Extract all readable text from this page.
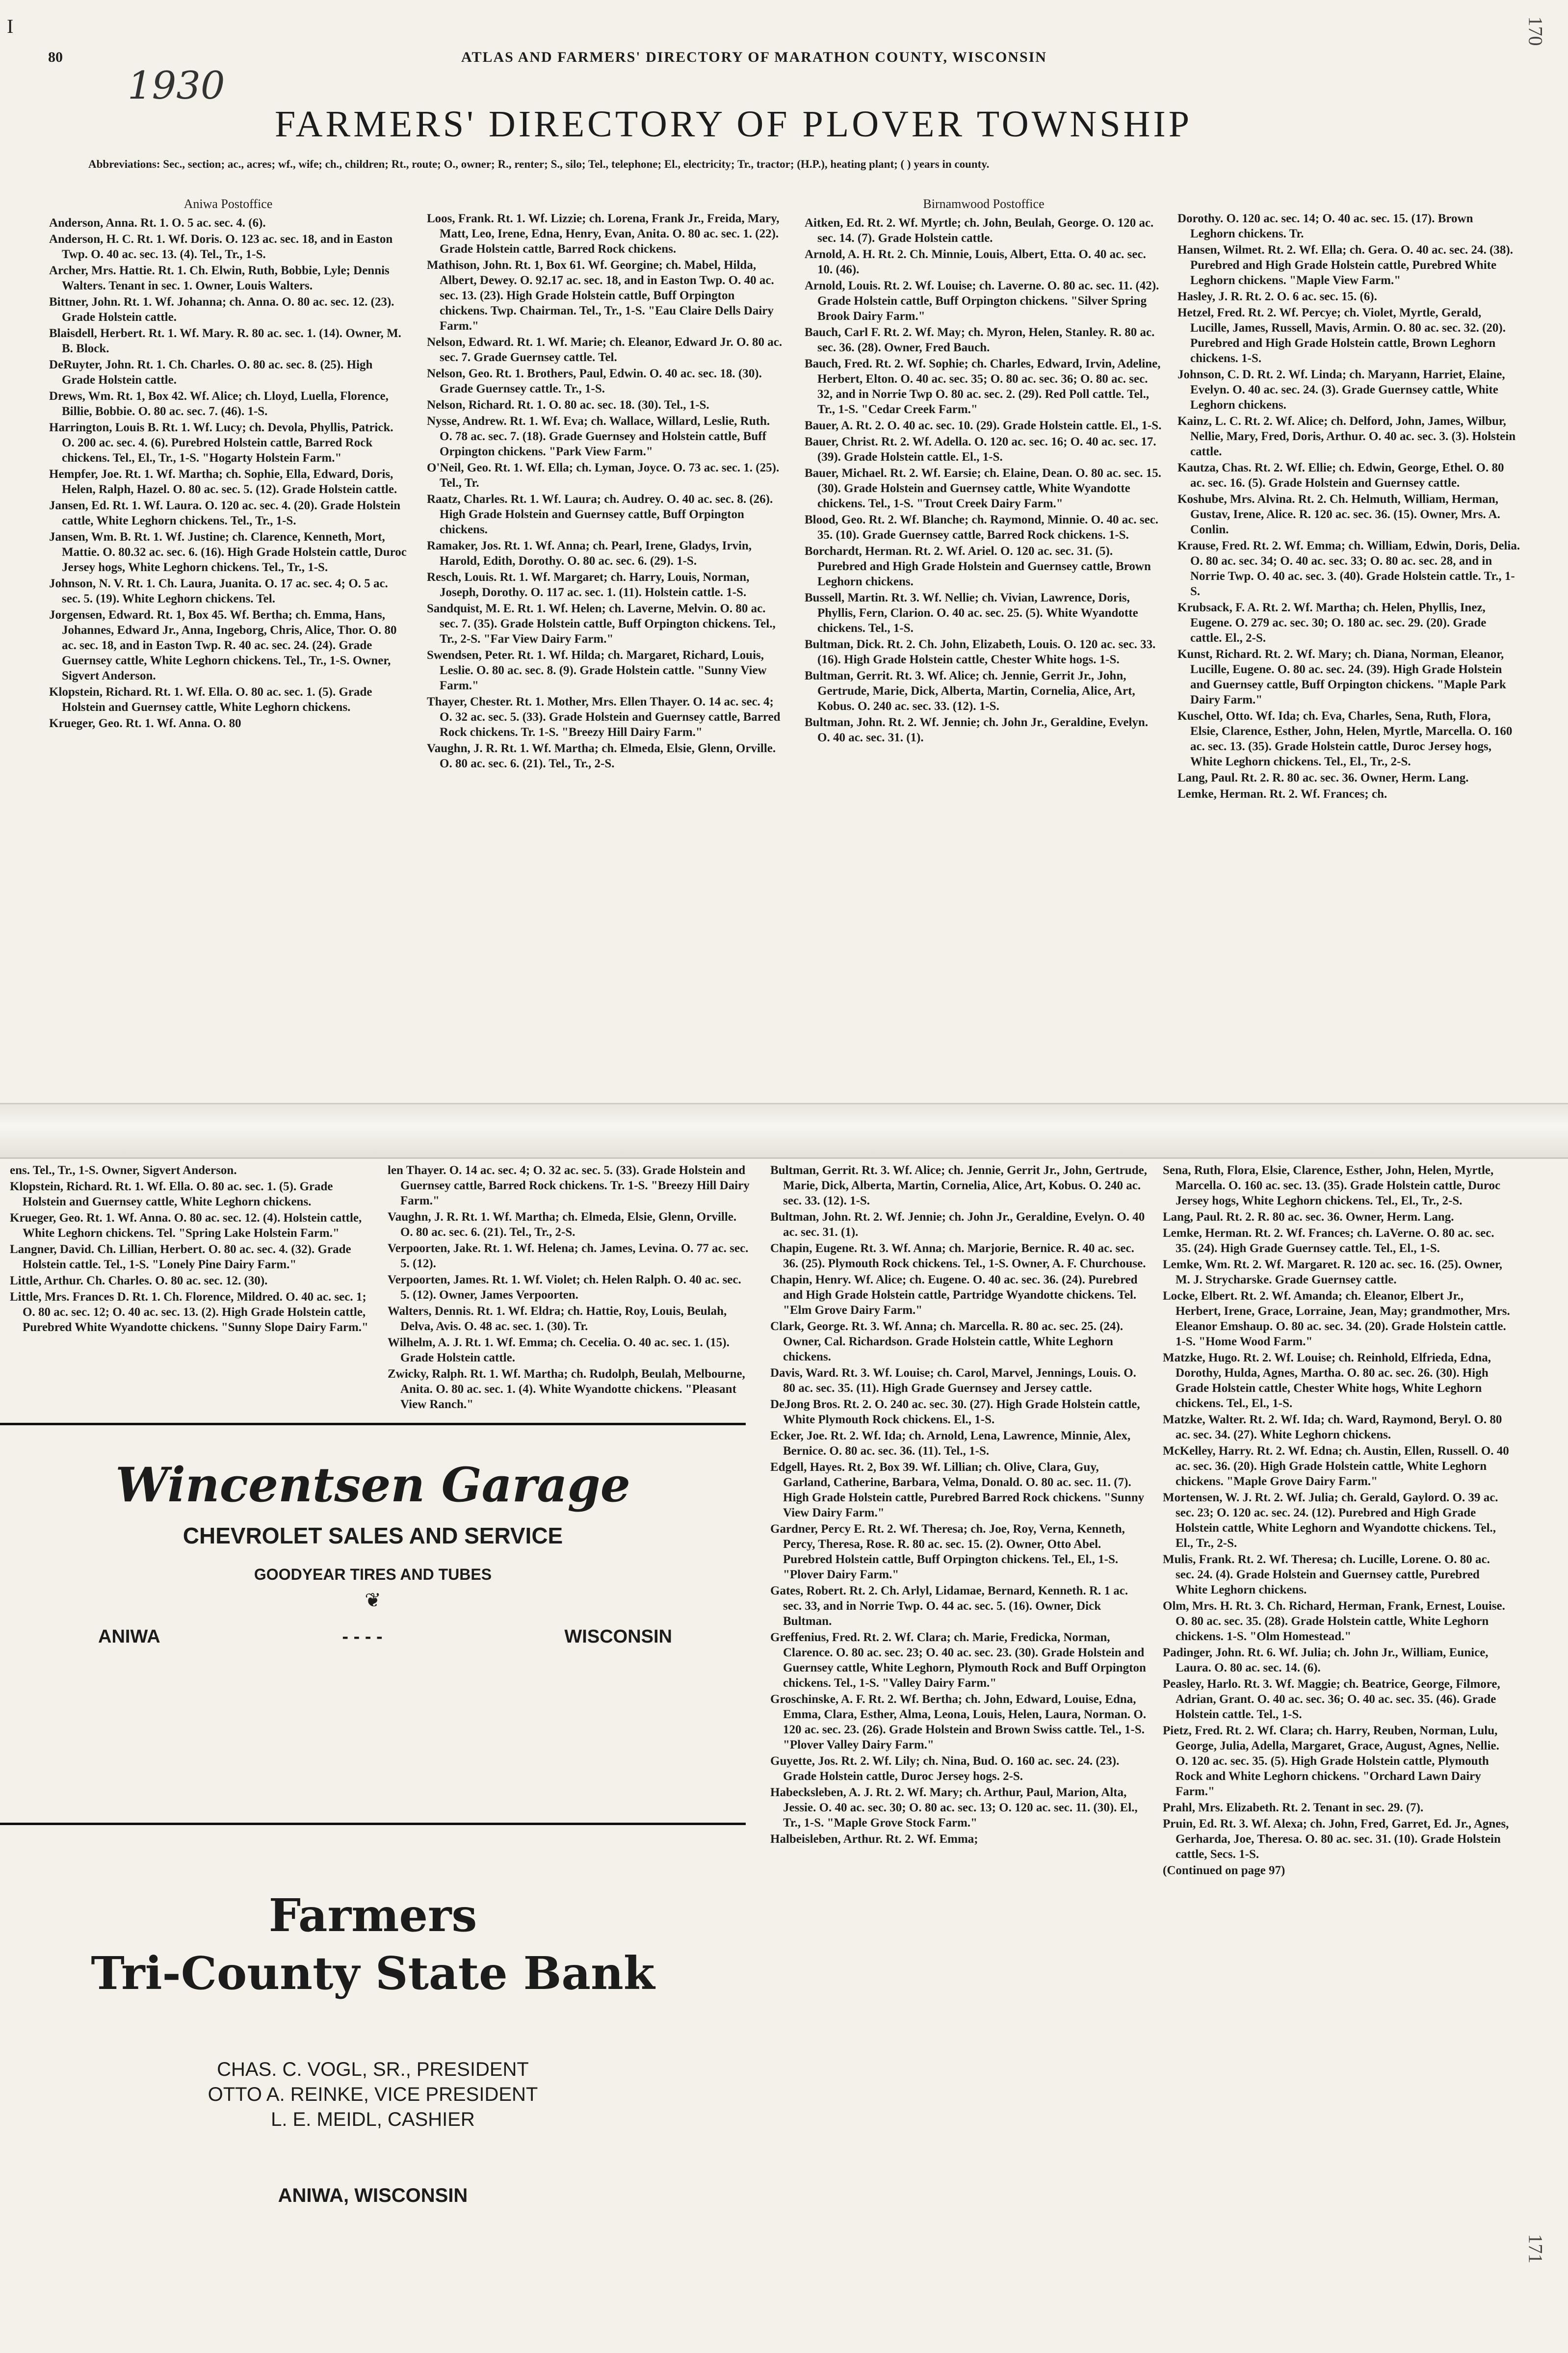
80
I
ATLAS AND FARMERS' DIRECTORY OF MARATHON COUNTY, WISCONSIN
1930
170
171
FARMERS' DIRECTORY OF PLOVER TOWNSHIP
Abbreviations: Sec., section; ac., acres; wf., wife; ch., children; Rt., route; O., owner; R., renter; S., silo; Tel., telephone; El., electricity; Tr., tractor; (H.P.), heating plant; ( ) years in county.
Aniwa Postoffice
Anderson, Anna. Rt. 1. O. 5 ac. sec. 4. (6).
Anderson, H. C. Rt. 1. Wf. Doris. O. 123 ac. sec. 18, and in Easton Twp. O. 40 ac. sec. 13. (4). Tel., Tr., 1-S.
Archer, Mrs. Hattie. Rt. 1. Ch. Elwin, Ruth, Bobbie, Lyle; Dennis Walters. Tenant in sec. 1. Owner, Louis Walters.
Bittner, John. Rt. 1. Wf. Johanna; ch. Anna. O. 80 ac. sec. 12. (23). Grade Holstein cattle.
Blaisdell, Herbert. Rt. 1. Wf. Mary. R. 80 ac. sec. 1. (14). Owner, M. B. Block.
DeRuyter, John. Rt. 1. Ch. Charles. O. 80 ac. sec. 8. (25). High Grade Holstein cattle.
Drews, Wm. Rt. 1, Box 42. Wf. Alice; ch. Lloyd, Luella, Florence, Billie, Bobbie. O. 80 ac. sec. 7. (46). 1-S.
Harrington, Louis B. Rt. 1. Wf. Lucy; ch. Devola, Phyllis, Patrick. O. 200 ac. sec. 4. (6). Purebred Holstein cattle, Barred Rock chickens. Tel., El., Tr., 1-S. "Hogarty Holstein Farm."
Hempfer, Joe. Rt. 1. Wf. Martha; ch. Sophie, Ella, Edward, Doris, Helen, Ralph, Hazel. O. 80 ac. sec. 5. (12). Grade Holstein cattle.
Jansen, Ed. Rt. 1. Wf. Laura. O. 120 ac. sec. 4. (20). Grade Holstein cattle, White Leghorn chickens. Tel., Tr., 1-S.
Jansen, Wm. B. Rt. 1. Wf. Justine; ch. Clarence, Kenneth, Mort, Mattie. O. 80.32 ac. sec. 6. (16). High Grade Holstein cattle, Duroc Jersey hogs, White Leghorn chickens. Tel., Tr., 1-S.
Johnson, N. V. Rt. 1. Ch. Laura, Juanita. O. 17 ac. sec. 4; O. 5 ac. sec. 5. (19). White Leghorn chickens. Tel.
Jorgensen, Edward. Rt. 1, Box 45. Wf. Bertha; ch. Emma, Hans, Johannes, Edward Jr., Anna, Ingeborg, Chris, Alice, Thor. O. 80 ac. sec. 18, and in Easton Twp. R. 40 ac. sec. 24. (24). Grade Guernsey cattle, White Leghorn chickens. Tel., Tr., 1-S. Owner, Sigvert Anderson.
Klopstein, Richard. Rt. 1. Wf. Ella. O. 80 ac. sec. 1. (5). Grade Holstein and Guernsey cattle, White Leghorn chickens.
Krueger, Geo. Rt. 1. Wf. Anna. O. 80
Loos, Frank. Rt. 1. Wf. Lizzie; ch. Lorena, Frank Jr., Freida, Mary, Matt, Leo, Irene, Edna, Henry, Evan, Anita. O. 80 ac. sec. 1. (22). Grade Holstein cattle, Barred Rock chickens.
Mathison, John. Rt. 1, Box 61. Wf. Georgine; ch. Mabel, Hilda, Albert, Dewey. O. 92.17 ac. sec. 18, and in Easton Twp. O. 40 ac. sec. 13. (23). High Grade Holstein cattle, Buff Orpington chickens. Twp. Chairman. Tel., Tr., 1-S. "Eau Claire Dells Dairy Farm."
Nelson, Edward. Rt. 1. Wf. Marie; ch. Eleanor, Edward Jr. O. 80 ac. sec. 7. Grade Guernsey cattle. Tel.
Nelson, Geo. Rt. 1. Brothers, Paul, Edwin. O. 40 ac. sec. 18. (30). Grade Guernsey cattle. Tr., 1-S.
Nelson, Richard. Rt. 1. O. 80 ac. sec. 18. (30). Tel., 1-S.
Nysse, Andrew. Rt. 1. Wf. Eva; ch. Wallace, Willard, Leslie, Ruth. O. 78 ac. sec. 7. (18). Grade Guernsey and Holstein cattle, Buff Orpington chickens. "Park View Farm."
O'Neil, Geo. Rt. 1. Wf. Ella; ch. Lyman, Joyce. O. 73 ac. sec. 1. (25). Tel., Tr.
Raatz, Charles. Rt. 1. Wf. Laura; ch. Audrey. O. 40 ac. sec. 8. (26). High Grade Holstein and Guernsey cattle, Buff Orpington chickens.
Ramaker, Jos. Rt. 1. Wf. Anna; ch. Pearl, Irene, Gladys, Irvin, Harold, Edith, Dorothy. O. 80 ac. sec. 6. (29). 1-S.
Resch, Louis. Rt. 1. Wf. Margaret; ch. Harry, Louis, Norman, Joseph, Dorothy. O. 117 ac. sec. 1. (11). Holstein cattle. 1-S.
Sandquist, M. E. Rt. 1. Wf. Helen; ch. Laverne, Melvin. O. 80 ac. sec. 7. (35). Grade Holstein cattle, Buff Orpington chickens. Tel., Tr., 2-S. "Far View Dairy Farm."
Swendsen, Peter. Rt. 1. Wf. Hilda; ch. Margaret, Richard, Louis, Leslie. O. 80 ac. sec. 8. (9). Grade Holstein cattle. "Sunny View Farm."
Thayer, Chester. Rt. 1. Mother, Mrs. Ellen Thayer. O. 14 ac. sec. 4; O. 32 ac. sec. 5. (33). Grade Holstein and Guernsey cattle, Barred Rock chickens. Tr. 1-S. "Breezy Hill Dairy Farm."
Vaughn, J. R. Rt. 1. Wf. Martha; ch. Elmeda, Elsie, Glenn, Orville. O. 80 ac. sec. 6. (21). Tel., Tr., 2-S.
Birnamwood Postoffice
Aitken, Ed. Rt. 2. Wf. Myrtle; ch. John, Beulah, George. O. 120 ac. sec. 14. (7). Grade Holstein cattle.
Arnold, A. H. Rt. 2. Ch. Minnie, Louis, Albert, Etta. O. 40 ac. sec. 10. (46).
Arnold, Louis. Rt. 2. Wf. Louise; ch. Laverne. O. 80 ac. sec. 11. (42). Grade Holstein cattle, Buff Orpington chickens. "Silver Spring Brook Dairy Farm."
Bauch, Carl F. Rt. 2. Wf. May; ch. Myron, Helen, Stanley. R. 80 ac. sec. 36. (28). Owner, Fred Bauch.
Bauch, Fred. Rt. 2. Wf. Sophie; ch. Charles, Edward, Irvin, Adeline, Herbert, Elton. O. 40 ac. sec. 35; O. 80 ac. sec. 36; O. 80 ac. sec. 32, and in Norrie Twp O. 80 ac. sec. 2. (29). Red Poll cattle. Tel., Tr., 1-S. "Cedar Creek Farm."
Bauer, A. Rt. 2. O. 40 ac. sec. 10. (29). Grade Holstein cattle. El., 1-S.
Bauer, Christ. Rt. 2. Wf. Adella. O. 120 ac. sec. 16; O. 40 ac. sec. 17. (39). Grade Holstein cattle. El., 1-S.
Bauer, Michael. Rt. 2. Wf. Earsie; ch. Elaine, Dean. O. 80 ac. sec. 15. (30). Grade Holstein and Guernsey cattle, White Wyandotte chickens. Tel., 1-S. "Trout Creek Dairy Farm."
Blood, Geo. Rt. 2. Wf. Blanche; ch. Raymond, Minnie. O. 40 ac. sec. 35. (10). Grade Guernsey cattle, Barred Rock chickens. 1-S.
Borchardt, Herman. Rt. 2. Wf. Ariel. O. 120 ac. sec. 31. (5). Purebred and High Grade Holstein and Guernsey cattle, Brown Leghorn chickens.
Bussell, Martin. Rt. 3. Wf. Nellie; ch. Vivian, Lawrence, Doris, Phyllis, Fern, Clarion. O. 40 ac. sec. 25. (5). White Wyandotte chickens. Tel., 1-S.
Bultman, Dick. Rt. 2. Ch. John, Elizabeth, Louis. O. 120 ac. sec. 33. (16). High Grade Holstein cattle, Chester White hogs. 1-S.
Bultman, Gerrit. Rt. 3. Wf. Alice; ch. Jennie, Gerrit Jr., John, Gertrude, Marie, Dick, Alberta, Martin, Cornelia, Alice, Art, Kobus. O. 240 ac. sec. 33. (12). 1-S.
Bultman, John. Rt. 2. Wf. Jennie; ch. John Jr., Geraldine, Evelyn. O. 40 ac. sec. 31. (1).
Dorothy. O. 120 ac. sec. 14; O. 40 ac. sec. 15. (17). Brown Leghorn chickens. Tr.
Hansen, Wilmet. Rt. 2. Wf. Ella; ch. Gera. O. 40 ac. sec. 24. (38). Purebred and High Grade Holstein cattle, Purebred White Leghorn chickens. "Maple View Farm."
Hasley, J. R. Rt. 2. O. 6 ac. sec. 15. (6).
Hetzel, Fred. Rt. 2. Wf. Percye; ch. Violet, Myrtle, Gerald, Lucille, James, Russell, Mavis, Armin. O. 80 ac. sec. 32. (20). Purebred and High Grade Holstein cattle, Brown Leghorn chickens. 1-S.
Johnson, C. D. Rt. 2. Wf. Linda; ch. Maryann, Harriet, Elaine, Evelyn. O. 40 ac. sec. 24. (3). Grade Guernsey cattle, White Leghorn chickens.
Kainz, L. C. Rt. 2. Wf. Alice; ch. Delford, John, James, Wilbur, Nellie, Mary, Fred, Doris, Arthur. O. 40 ac. sec. 3. (3). Holstein cattle.
Kautza, Chas. Rt. 2. Wf. Ellie; ch. Edwin, George, Ethel. O. 80 ac. sec. 16. (5). Grade Holstein and Guernsey cattle.
Koshube, Mrs. Alvina. Rt. 2. Ch. Helmuth, William, Herman, Gustav, Irene, Alice. R. 120 ac. sec. 36. (15). Owner, Mrs. A. Conlin.
Krause, Fred. Rt. 2. Wf. Emma; ch. William, Edwin, Doris, Delia. O. 80 ac. sec. 34; O. 40 ac. sec. 33; O. 80 ac. sec. 28, and in Norrie Twp. O. 40 ac. sec. 3. (40). Grade Holstein cattle. Tr., 1-S.
Krubsack, F. A. Rt. 2. Wf. Martha; ch. Helen, Phyllis, Inez, Eugene. O. 279 ac. sec. 30; O. 180 ac. sec. 29. (20). Grade cattle. El., 2-S.
Kunst, Richard. Rt. 2. Wf. Mary; ch. Diana, Norman, Eleanor, Lucille, Eugene. O. 80 ac. sec. 24. (39). High Grade Holstein and Guernsey cattle, Buff Orpington chickens. "Maple Park Dairy Farm."
Kuschel, Otto. Wf. Ida; ch. Eva, Charles, Sena, Ruth, Flora, Elsie, Clarence, Esther, John, Helen, Myrtle, Marcella. O. 160 ac. sec. 13. (35). Grade Holstein cattle, Duroc Jersey hogs, White Leghorn chickens. Tel., El., Tr., 2-S.
Lang, Paul. Rt. 2. R. 80 ac. sec. 36. Owner, Herm. Lang.
Lemke, Herman. Rt. 2. Wf. Frances; ch.
ens. Tel., Tr., 1-S. Owner, Sigvert Anderson.
Klopstein, Richard. Rt. 1. Wf. Ella. O. 80 ac. sec. 1. (5). Grade Holstein and Guernsey cattle, White Leghorn chickens.
Krueger, Geo. Rt. 1. Wf. Anna. O. 80 ac. sec. 12. (4). Holstein cattle, White Leghorn chickens. Tel. "Spring Lake Holstein Farm."
Langner, David. Ch. Lillian, Herbert. O. 80 ac. sec. 4. (32). Grade Holstein cattle. Tel., 1-S. "Lonely Pine Dairy Farm."
Little, Arthur. Ch. Charles. O. 80 ac. sec. 12. (30).
Little, Mrs. Frances D. Rt. 1. Ch. Florence, Mildred. O. 40 ac. sec. 1; O. 80 ac. sec. 12; O. 40 ac. sec. 13. (2). High Grade Holstein cattle, Purebred White Wyandotte chickens. "Sunny Slope Dairy Farm."
len Thayer. O. 14 ac. sec. 4; O. 32 ac. sec. 5. (33). Grade Holstein and Guernsey cattle, Barred Rock chickens. Tr. 1-S. "Breezy Hill Dairy Farm."
Vaughn, J. R. Rt. 1. Wf. Martha; ch. Elmeda, Elsie, Glenn, Orville. O. 80 ac. sec. 6. (21). Tel., Tr., 2-S.
Verpoorten, Jake. Rt. 1. Wf. Helena; ch. James, Levina. O. 77 ac. sec. 5. (12).
Verpoorten, James. Rt. 1. Wf. Violet; ch. Helen Ralph. O. 40 ac. sec. 5. (12). Owner, James Verpoorten.
Walters, Dennis. Rt. 1. Wf. Eldra; ch. Hattie, Roy, Louis, Beulah, Delva, Avis. O. 48 ac. sec. 1. (30). Tr.
Wilhelm, A. J. Rt. 1. Wf. Emma; ch. Cecelia. O. 40 ac. sec. 1. (15). Grade Holstein cattle.
Zwicky, Ralph. Rt. 1. Wf. Martha; ch. Rudolph, Beulah, Melbourne, Anita. O. 80 ac. sec. 1. (4). White Wyandotte chickens. "Pleasant View Ranch."
Bultman, Gerrit. Rt. 3. Wf. Alice; ch. Jennie, Gerrit Jr., John, Gertrude, Marie, Dick, Alberta, Martin, Cornelia, Alice, Art, Kobus. O. 240 ac. sec. 33. (12). 1-S.
Bultman, John. Rt. 2. Wf. Jennie; ch. John Jr., Geraldine, Evelyn. O. 40 ac. sec. 31. (1).
Chapin, Eugene. Rt. 3. Wf. Anna; ch. Marjorie, Bernice. R. 40 ac. sec. 36. (25). Plymouth Rock chickens. Tel., 1-S. Owner, A. F. Churchouse.
Chapin, Henry. Wf. Alice; ch. Eugene. O. 40 ac. sec. 36. (24). Purebred and High Grade Holstein cattle, Partridge Wyandotte chickens. Tel. "Elm Grove Dairy Farm."
Clark, George. Rt. 3. Wf. Anna; ch. Marcella. R. 80 ac. sec. 25. (24). Owner, Cal. Richardson. Grade Holstein cattle, White Leghorn chickens.
Davis, Ward. Rt. 3. Wf. Louise; ch. Carol, Marvel, Jennings, Louis. O. 80 ac. sec. 35. (11). High Grade Guernsey and Jersey cattle.
DeJong Bros. Rt. 2. O. 240 ac. sec. 30. (27). High Grade Holstein cattle, White Plymouth Rock chickens. El., 1-S.
Ecker, Joe. Rt. 2. Wf. Ida; ch. Arnold, Lena, Lawrence, Minnie, Alex, Bernice. O. 80 ac. sec. 36. (11). Tel., 1-S.
Edgell, Hayes. Rt. 2, Box 39. Wf. Lillian; ch. Olive, Clara, Guy, Garland, Catherine, Barbara, Velma, Donald. O. 80 ac. sec. 11. (7). High Grade Holstein cattle, Purebred Barred Rock chickens. "Sunny View Dairy Farm."
Gardner, Percy E. Rt. 2. Wf. Theresa; ch. Joe, Roy, Verna, Kenneth, Percy, Theresa, Rose. R. 80 ac. sec. 15. (2). Owner, Otto Abel. Purebred Holstein cattle, Buff Orpington chickens. Tel., El., 1-S. "Plover Dairy Farm."
Gates, Robert. Rt. 2. Ch. Arlyl, Lidamae, Bernard, Kenneth. R. 1 ac. sec. 33, and in Norrie Twp. O. 44 ac. sec. 5. (16). Owner, Dick Bultman.
Greffenius, Fred. Rt. 2. Wf. Clara; ch. Marie, Fredicka, Norman, Clarence. O. 80 ac. sec. 23; O. 40 ac. sec. 23. (30). Grade Holstein and Guernsey cattle, White Leghorn, Plymouth Rock and Buff Orpington chickens. Tel., 1-S. "Valley Dairy Farm."
Groschinske, A. F. Rt. 2. Wf. Bertha; ch. John, Edward, Louise, Edna, Emma, Clara, Esther, Alma, Leona, Louis, Helen, Laura, Norman. O. 120 ac. sec. 23. (26). Grade Holstein and Brown Swiss cattle. Tel., 1-S. "Plover Valley Dairy Farm."
Guyette, Jos. Rt. 2. Wf. Lily; ch. Nina, Bud. O. 160 ac. sec. 24. (23). Grade Holstein cattle, Duroc Jersey hogs. 2-S.
Habecksleben, A. J. Rt. 2. Wf. Mary; ch. Arthur, Paul, Marion, Alta, Jessie. O. 40 ac. sec. 30; O. 80 ac. sec. 13; O. 120 ac. sec. 11. (30). El., Tr., 1-S. "Maple Grove Stock Farm."
Halbeisleben, Arthur. Rt. 2. Wf. Emma;
Sena, Ruth, Flora, Elsie, Clarence, Esther, John, Helen, Myrtle, Marcella. O. 160 ac. sec. 13. (35). Grade Holstein cattle, Duroc Jersey hogs, White Leghorn chickens. Tel., El., Tr., 2-S.
Lang, Paul. Rt. 2. R. 80 ac. sec. 36. Owner, Herm. Lang.
Lemke, Herman. Rt. 2. Wf. Frances; ch. LaVerne. O. 80 ac. sec. 35. (24). High Grade Guernsey cattle. Tel., El., 1-S.
Lemke, Wm. Rt. 2. Wf. Margaret. R. 120 ac. sec. 16. (25). Owner, M. J. Strycharske. Grade Guernsey cattle.
Locke, Elbert. Rt. 2. Wf. Amanda; ch. Eleanor, Elbert Jr., Herbert, Irene, Grace, Lorraine, Jean, May; grandmother, Mrs. Eleanor Emshaup. O. 80 ac. sec. 34. (20). Grade Holstein cattle. 1-S. "Home Wood Farm."
Matzke, Hugo. Rt. 2. Wf. Louise; ch. Reinhold, Elfrieda, Edna, Dorothy, Hulda, Agnes, Martha. O. 80 ac. sec. 26. (30). High Grade Holstein cattle, Chester White hogs, White Leghorn chickens. Tel., El., 1-S.
Matzke, Walter. Rt. 2. Wf. Ida; ch. Ward, Raymond, Beryl. O. 80 ac. sec. 34. (27). White Leghorn chickens.
McKelley, Harry. Rt. 2. Wf. Edna; ch. Austin, Ellen, Russell. O. 40 ac. sec. 36. (20). High Grade Holstein cattle, White Leghorn chickens. "Maple Grove Dairy Farm."
Mortensen, W. J. Rt. 2. Wf. Julia; ch. Gerald, Gaylord. O. 39 ac. sec. 23; O. 120 ac. sec. 24. (12). Purebred and High Grade Holstein cattle, White Leghorn and Wyandotte chickens. Tel., El., Tr., 2-S.
Mulis, Frank. Rt. 2. Wf. Theresa; ch. Lucille, Lorene. O. 80 ac. sec. 24. (4). Grade Holstein and Guernsey cattle, Purebred White Leghorn chickens.
Olm, Mrs. H. Rt. 3. Ch. Richard, Herman, Frank, Ernest, Louise. O. 80 ac. sec. 35. (28). Grade Holstein cattle, White Leghorn chickens. 1-S. "Olm Homestead."
Padinger, John. Rt. 6. Wf. Julia; ch. John Jr., William, Eunice, Laura. O. 80 ac. sec. 14. (6).
Peasley, Harlo. Rt. 3. Wf. Maggie; ch. Beatrice, George, Filmore, Adrian, Grant. O. 40 ac. sec. 36; O. 40 ac. sec. 35. (46). Grade Holstein cattle. Tel., 1-S.
Pietz, Fred. Rt. 2. Wf. Clara; ch. Harry, Reuben, Norman, Lulu, George, Julia, Adella, Margaret, Grace, August, Agnes, Nellie. O. 120 ac. sec. 35. (5). High Grade Holstein cattle, Plymouth Rock and White Leghorn chickens. "Orchard Lawn Dairy Farm."
Prahl, Mrs. Elizabeth. Rt. 2. Tenant in sec. 29. (7).
Pruin, Ed. Rt. 3. Wf. Alexa; ch. John, Fred, Garret, Ed. Jr., Agnes, Gerharda, Joe, Theresa. O. 80 ac. sec. 31. (10). Grade Holstein cattle, Secs. 1-S.
(Continued on page 97)
Wincentsen Garage
CHEVROLET SALES AND SERVICE
GOODYEAR TIRES AND TUBES
❦
ANIWA	- - - -	WISCONSIN
Farmers
Tri-County State Bank
CHAS. C. VOGL, SR., PRESIDENT
OTTO A. REINKE, VICE PRESIDENT
L. E. MEIDL, CASHIER
ANIWA, WISCONSIN
